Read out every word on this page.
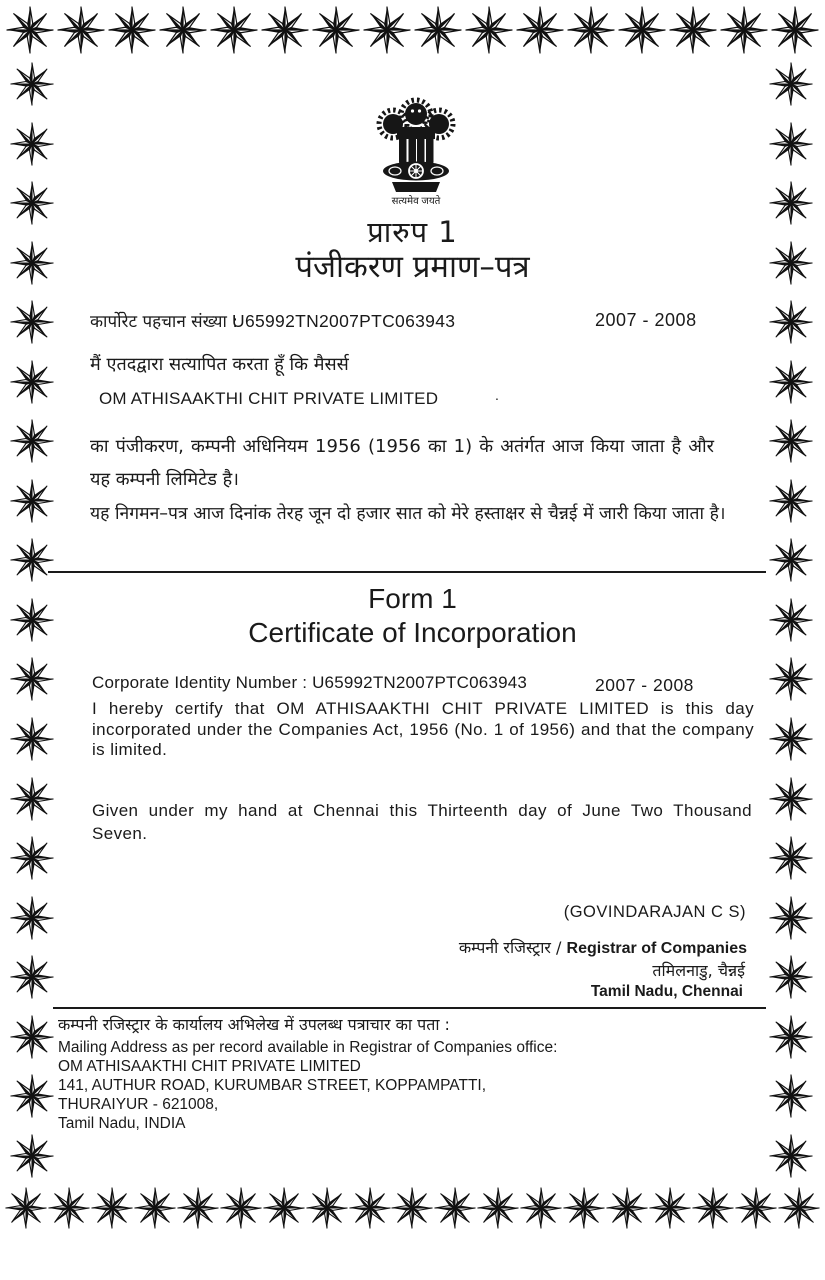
सत्यमेव जयते
प्रारुप 1
पंजीकरण प्रमाण–पत्र
कार्पोरेट पहचान संख्या :
U65992TN2007PTC063943	2007 - 2008
मैं एतदद्वारा सत्यापित करता हूँ कि मैसर्स
OM ATHISAAKTHI CHIT PRIVATE LIMITED	.
का पंजीकरण, कम्पनी अधिनियम 1956 (1956 का 1) के अतंर्गत आज किया जाता है और यह कम्पनी लिमिटेड है।
यह निगमन–पत्र आज दिनांक तेरह जून दो हजार सात को मेरे हस्ताक्षर से चैन्नई में जारी किया जाता है।
Form 1
Certificate of Incorporation
Corporate Identity Number : U65992TN2007PTC063943	2007 - 2008
I hereby certify that OM ATHISAAKTHI CHIT PRIVATE LIMITED is this day incorporated under the Companies Act, 1956 (No. 1 of 1956) and that the company is limited.
Given under my hand at Chennai this Thirteenth day of June Two Thousand Seven.
(GOVINDARAJAN C S)
कम्पनी रजिस्ट्रार / Registrar of Companies
तमिलनाडु, चैन्नई
Tamil Nadu, Chennai
कम्पनी रजिस्ट्रार के कार्यालय अभिलेख में उपलब्ध पत्राचार का पता :
Mailing Address as per record available in Registrar of Companies office:
OM ATHISAAKTHI CHIT PRIVATE LIMITED
141, AUTHUR ROAD, KURUMBAR STREET, KOPPAMPATTI,
THURAIYUR - 621008,
Tamil Nadu, INDIA
